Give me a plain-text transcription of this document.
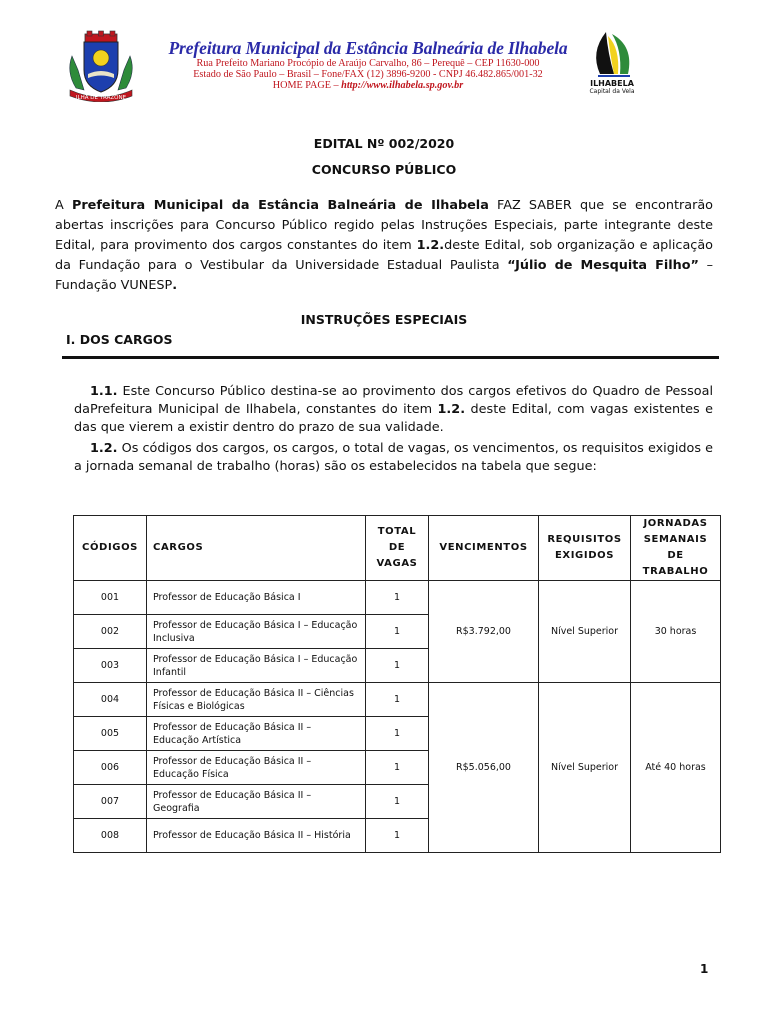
ILHA DE TRAZONE
Prefeitura Municipal da Estância Balneária de Ilhabela
Rua Prefeito Mariano Procópio de Araújo Carvalho, 86 – Perequê – CEP 11630-000
Estado de São Paulo – Brasil – Fone/FAX (12) 3896-9200 - CNPJ 46.482.865/001-32
HOME PAGE – http://www.ilhabela.sp.gov.br	ILHABELA
Capital da Vela
EDITAL Nº 002/2020
CONCURSO PÚBLICO
A Prefeitura Municipal da Estância Balneária de Ilhabela FAZ SABER que se encontrarão abertas inscrições para Concurso Público regido pelas Instruções Especiais, parte integrante deste Edital, para provimento dos cargos constantes do item 1.2.deste Edital, sob organização e aplicação da Fundação para o Vestibular da Universidade Estadual Paulista “Júlio de Mesquita Filho” – Fundação VUNESP.
INSTRUÇÕES ESPECIAIS
I. DOS CARGOS
1.1. Este Concurso Público destina-se ao provimento dos cargos efetivos do Quadro de Pessoal daPrefeitura Municipal de Ilhabela, constantes do item 1.2. deste Edital, com vagas existentes e das que vierem a existir dentro do prazo de sua validade.
1.2. Os códigos dos cargos, os cargos, o total de vagas, os vencimentos, os requisitos exigidos e a jornada semanal de trabalho (horas) são os estabelecidos na tabela que segue:
CÓDIGOS	CARGOS	TOTAL DE VAGAS	VENCIMENTOS	REQUISITOS EXIGIDOS	JORNADAS SEMANAIS DE TRABALHO
001	Professor de Educação Básica I	1	R$3.792,00	Nível Superior	30 horas
002	Professor de Educação Básica I – Educação Inclusiva	1			
003	Professor de Educação Básica I – Educação Infantil	1			
004	Professor de Educação Básica II – Ciências Físicas e Biológicas	1	R$5.056,00	Nível Superior	Até 40 horas
005	Professor de Educação Básica II – Educação Artística	1			
006	Professor de Educação Básica II – Educação Física	1			
007	Professor de Educação Básica II – Geografia	1			
008	Professor de Educação Básica II – História	1			
1
